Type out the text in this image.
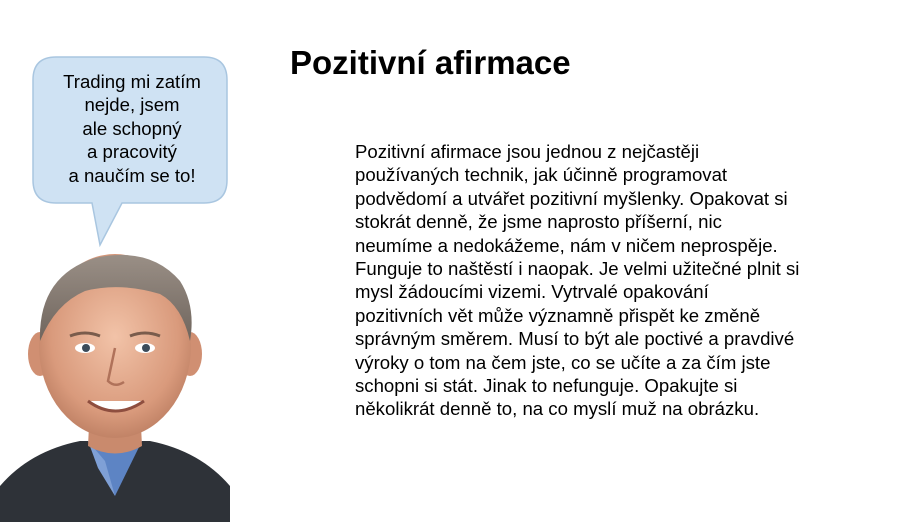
Trading mi zatím
nejde, jsem
ale schopný
a pracovitý
a naučím se to!
Pozitivní afirmace
Pozitivní afirmace jsou jednou z nejčastěji
používaných technik, jak účinně programovat
podvědomí a utvářet pozitivní myšlenky. Opakovat si
stokrát denně, že jsme naprosto příšerní, nic
neumíme a nedokážeme, nám v ničem neprospěje.
Funguje to naštěstí i naopak. Je velmi užitečné plnit si
mysl žádoucími vizemi. Vytrvalé opakování
pozitivních vět může významně přispět ke změně
správným směrem. Musí to být ale poctivé a pravdivé
výroky o tom na čem jste, co se učíte a za čím jste
schopni si stát. Jinak to nefunguje. Opakujte si
několikrát denně to, na co myslí muž na obrázku.
